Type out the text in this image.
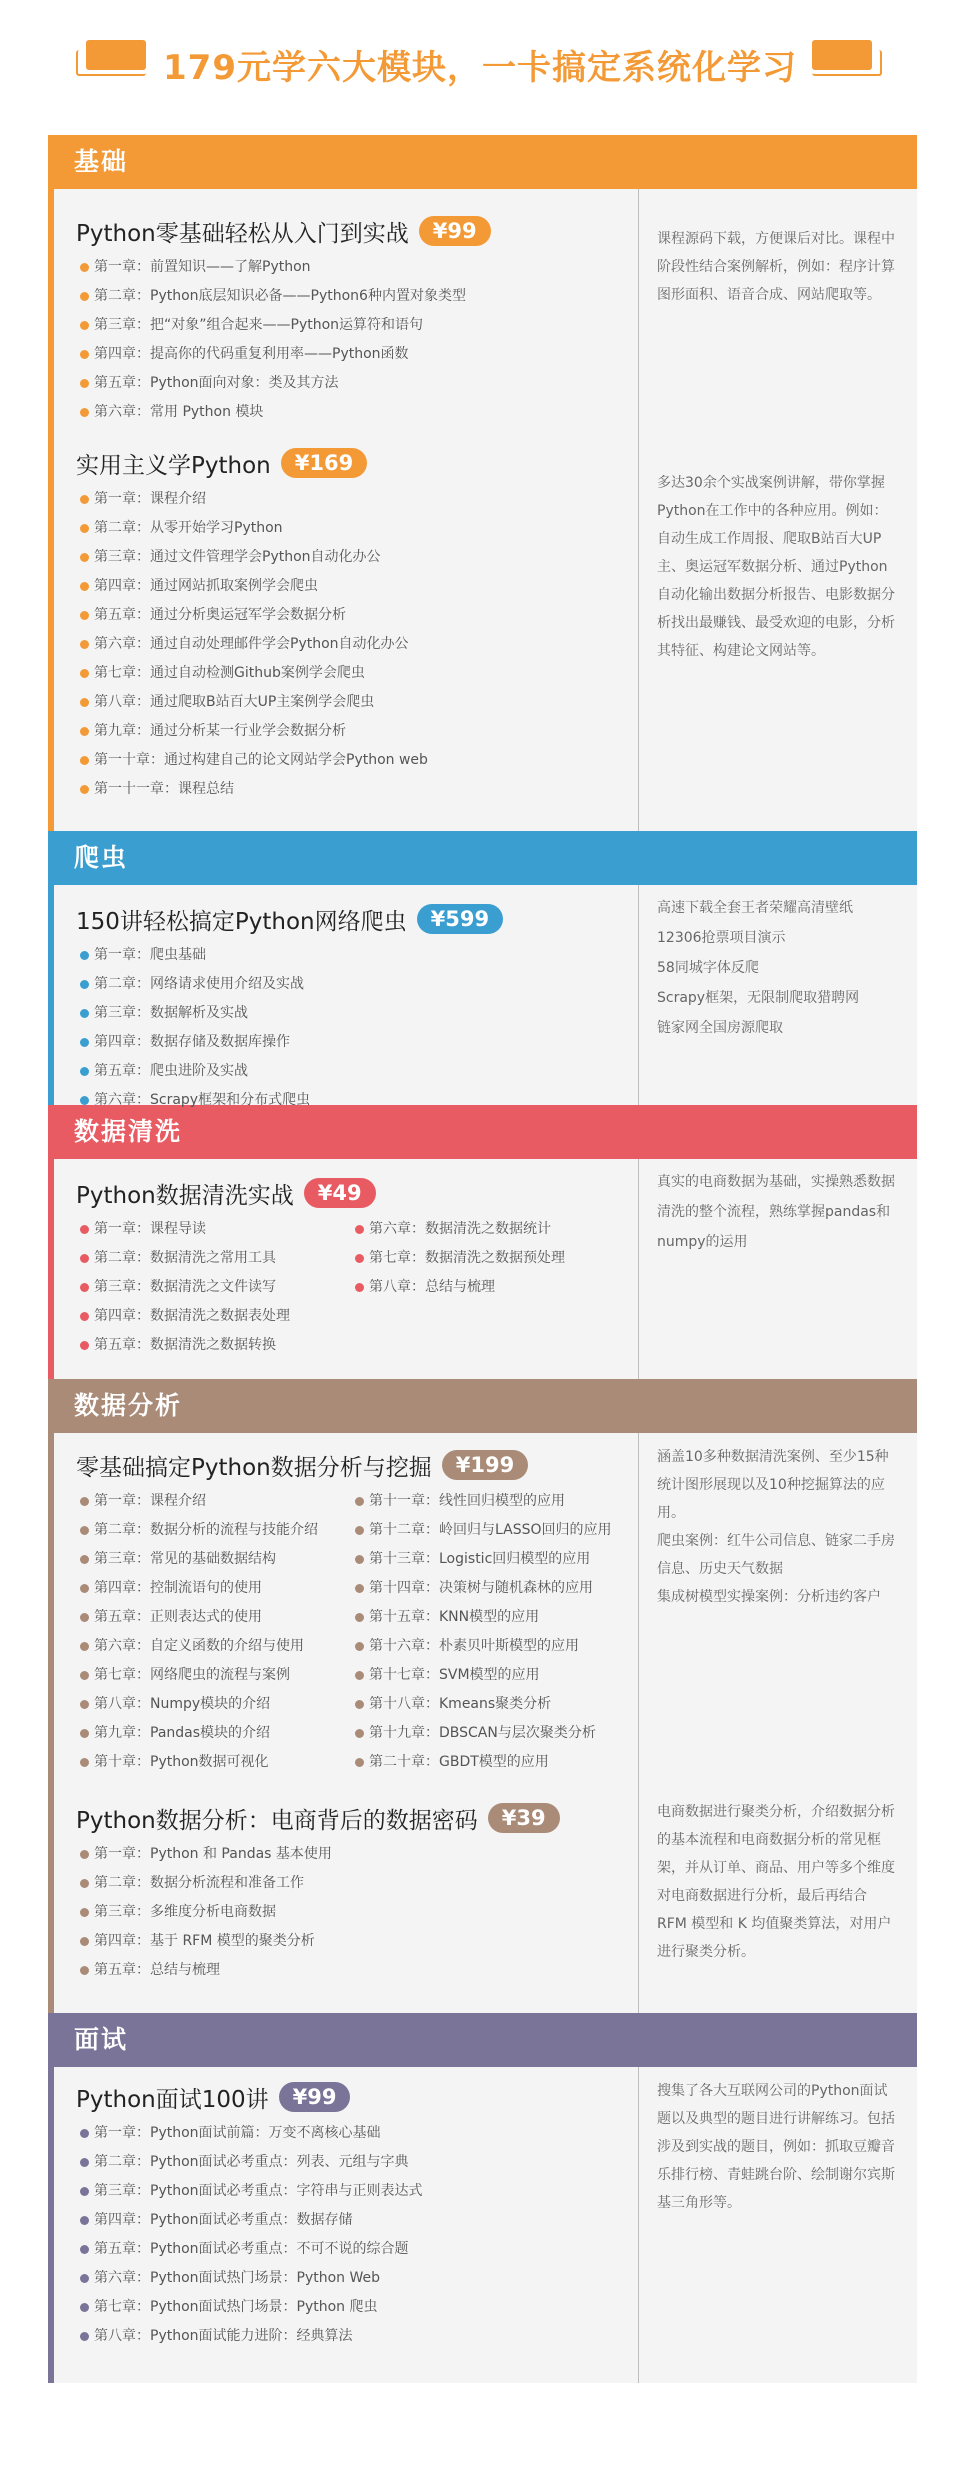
179元学六大模块，一卡搞定系统化学习
基础
Python零基础轻松从入门到实战	¥99
第一章：前置知识——了解Python
第二章：Python底层知识必备——Python6种内置对象类型
第三章：把“对象”组合起来——Python运算符和语句
第四章：提高你的代码重复利用率——Python函数
第五章：Python面向对象：类及其方法
第六章：常用 Python 模块
实用主义学Python	¥169
第一章：课程介绍
第二章：从零开始学习Python
第三章：通过文件管理学会Python自动化办公
第四章：通过网站抓取案例学会爬虫
第五章：通过分析奥运冠军学会数据分析
第六章：通过自动处理邮件学会Python自动化办公
第七章：通过自动检测Github案例学会爬虫
第八章：通过爬取B站百大UP主案例学会爬虫
第九章：通过分析某一行业学会数据分析
第一十章：通过构建自己的论文网站学会Python web
第一十一章：课程总结
课程源码下载，方便课后对比。课程中阶段性结合案例解析，例如：程序计算图形面积、语音合成、网站爬取等。
多达30余个实战案例讲解，带你掌握Python在工作中的各种应用。例如：自动生成工作周报、爬取B站百大UP主、奥运冠军数据分析、通过Python自动化输出数据分析报告、电影数据分析找出最赚钱、最受欢迎的电影，分析其特征、构建论文网站等。
爬虫
150讲轻松搞定Python网络爬虫	¥599
第一章：爬虫基础
第二章：网络请求使用介绍及实战
第三章：数据解析及实战
第四章：数据存储及数据库操作
第五章：爬虫进阶及实战
第六章：Scrapy框架和分布式爬虫
高速下载全套王者荣耀高清壁纸
12306抢票项目演示
58同城字体反爬
Scrapy框架，无限制爬取猎聘网
链家网全国房源爬取
数据清洗
Python数据清洗实战	¥49
第一章：课程导读
第二章：数据清洗之常用工具
第三章：数据清洗之文件读写
第四章：数据清洗之数据表处理
第五章：数据清洗之数据转换
第六章：数据清洗之数据统计
第七章：数据清洗之数据预处理
第八章：总结与梳理
真实的电商数据为基础，实操熟悉数据清洗的整个流程，熟练掌握pandas和numpy的运用
数据分析
零基础搞定Python数据分析与挖掘	¥199
第一章：课程介绍
第二章：数据分析的流程与技能介绍
第三章：常见的基础数据结构
第四章：控制流语句的使用
第五章：正则表达式的使用
第六章：自定义函数的介绍与使用
第七章：网络爬虫的流程与案例
第八章：Numpy模块的介绍
第九章：Pandas模块的介绍
第十章：Python数据可视化
第十一章：线性回归模型的应用
第十二章：岭回归与LASSO回归的应用
第十三章：Logistic回归模型的应用
第十四章：决策树与随机森林的应用
第十五章：KNN模型的应用
第十六章：朴素贝叶斯模型的应用
第十七章：SVM模型的应用
第十八章：Kmeans聚类分析
第十九章：DBSCAN与层次聚类分析
第二十章：GBDT模型的应用
Python数据分析：电商背后的数据密码	¥39
第一章：Python 和 Pandas 基本使用
第二章：数据分析流程和准备工作
第三章：多维度分析电商数据
第四章：基于 RFM 模型的聚类分析
第五章：总结与梳理
涵盖10多种数据清洗案例、至少15种统计图形展现以及10种挖掘算法的应用。
爬虫案例：红牛公司信息、链家二手房信息、历史天气数据
集成树模型实操案例：分析违约客户
电商数据进行聚类分析，介绍数据分析的基本流程和电商数据分析的常见框架，并从订单、商品、用户等多个维度对电商数据进行分析，最后再结合 RFM 模型和 K 均值聚类算法，对用户进行聚类分析。
面试
Python面试100讲	¥99
第一章：Python面试前篇：万变不离核心基础
第二章：Python面试必考重点：列表、元组与字典
第三章：Python面试必考重点：字符串与正则表达式
第四章：Python面试必考重点：数据存储
第五章：Python面试必考重点：不可不说的综合题
第六章：Python面试热门场景：Python Web
第七章：Python面试热门场景：Python 爬虫
第八章：Python面试能力进阶：经典算法
搜集了各大互联网公司的Python面试题以及典型的题目进行讲解练习。包括涉及到实战的题目，例如：抓取豆瓣音乐排行榜、青蛙跳台阶、绘制谢尔宾斯基三角形等。
